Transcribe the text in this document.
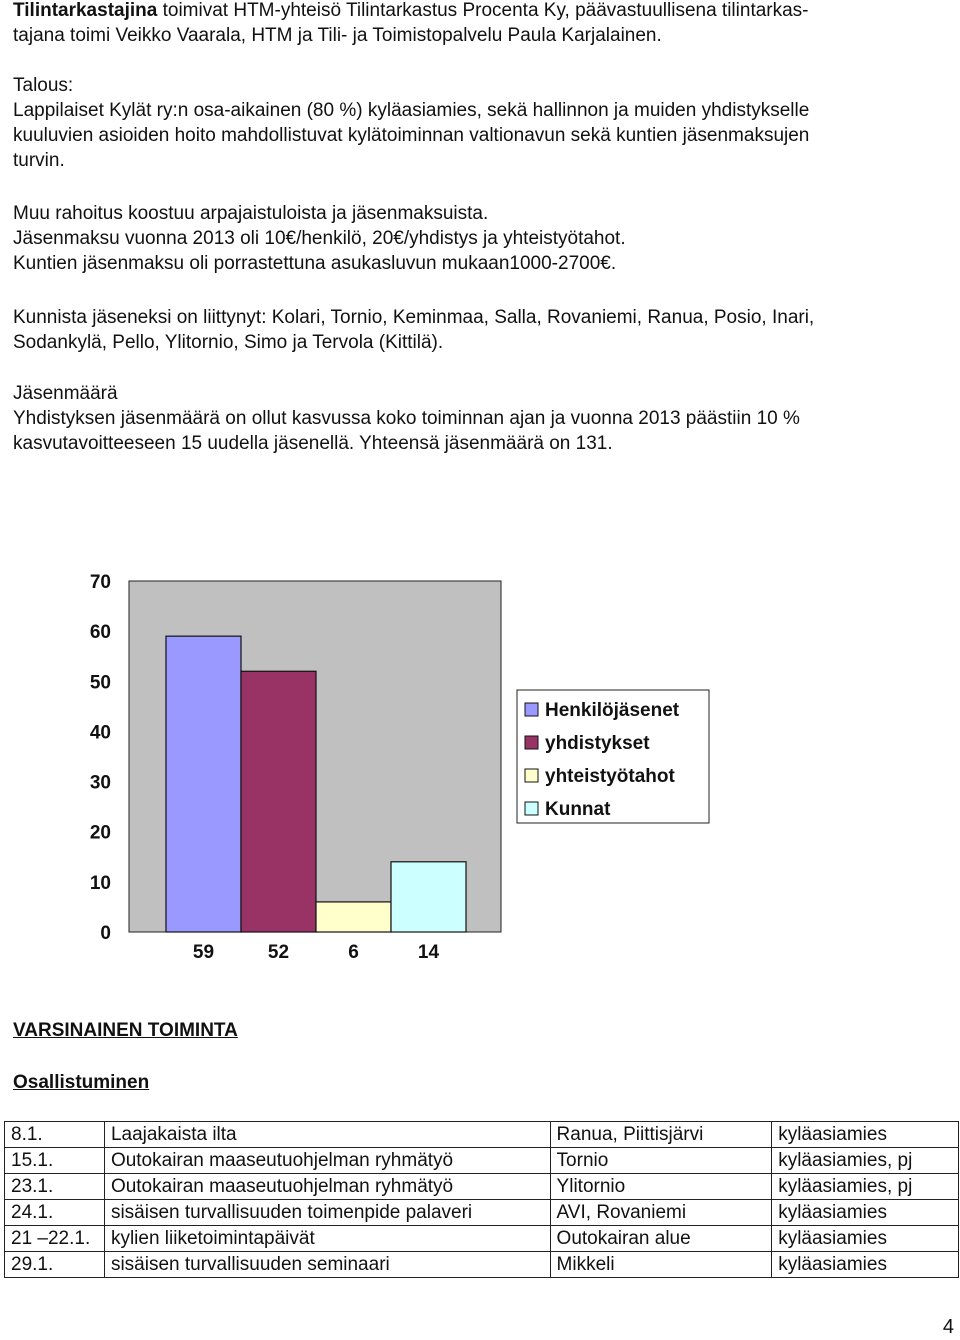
Tilintarkastajina toimivat HTM-yhteisö Tilintarkastus Procenta Ky, päävastuullisena tilintarkas-
tajana toimi Veikko Vaarala, HTM ja Tili- ja Toimistopalvelu Paula Karjalainen.
Talous:
Lappilaiset Kylät ry:n osa-aikainen (80 %) kyläasiamies, sekä hallinnon ja muiden yhdistykselle
kuuluvien asioiden hoito mahdollistuvat kylätoiminnan valtionavun sekä kuntien jäsenmaksujen
turvin.
Muu rahoitus koostuu arpajaistuloista ja jäsenmaksuista.
Jäsenmaksu vuonna 2013 oli 10€/henkilö, 20€/yhdistys ja yhteistyötahot.
Kuntien jäsenmaksu oli porrastettuna asukasluvun mukaan1000-2700€.
Kunnista jäseneksi on liittynyt: Kolari, Tornio, Keminmaa, Salla, Rovaniemi, Ranua, Posio, Inari,
Sodankylä, Pello, Ylitornio, Simo ja Tervola (Kittilä).
Jäsenmäärä
Yhdistyksen jäsenmäärä on ollut kasvussa koko toiminnan ajan ja vuonna 2013 päästiin 10 %
kasvutavoitteeseen 15 uudella jäsenellä. Yhteensä jäsenmäärä on 131.
0
10
20
30
40
50
60
70
59	52	6	14
Henkilöjäsenet
yhdistykset
yhteistyötahot
Kunnat
VARSINAINEN TOIMINTA
Osallistuminen
8.1.	Laajakaista ilta	Ranua, Piittisjärvi	kyläasiamies
15.1.	Outokairan maaseutuohjelman ryhmätyö	Tornio	kyläasiamies, pj
23.1.	Outokairan maaseutuohjelman ryhmätyö	Ylitornio	kyläasiamies, pj
24.1.	sisäisen turvallisuuden toimenpide palaveri	AVI, Rovaniemi	kyläasiamies
21 –22.1.	kylien liiketoimintapäivät	Outokairan alue	kyläasiamies
29.1.	sisäisen turvallisuuden seminaari	Mikkeli	kyläasiamies
4
